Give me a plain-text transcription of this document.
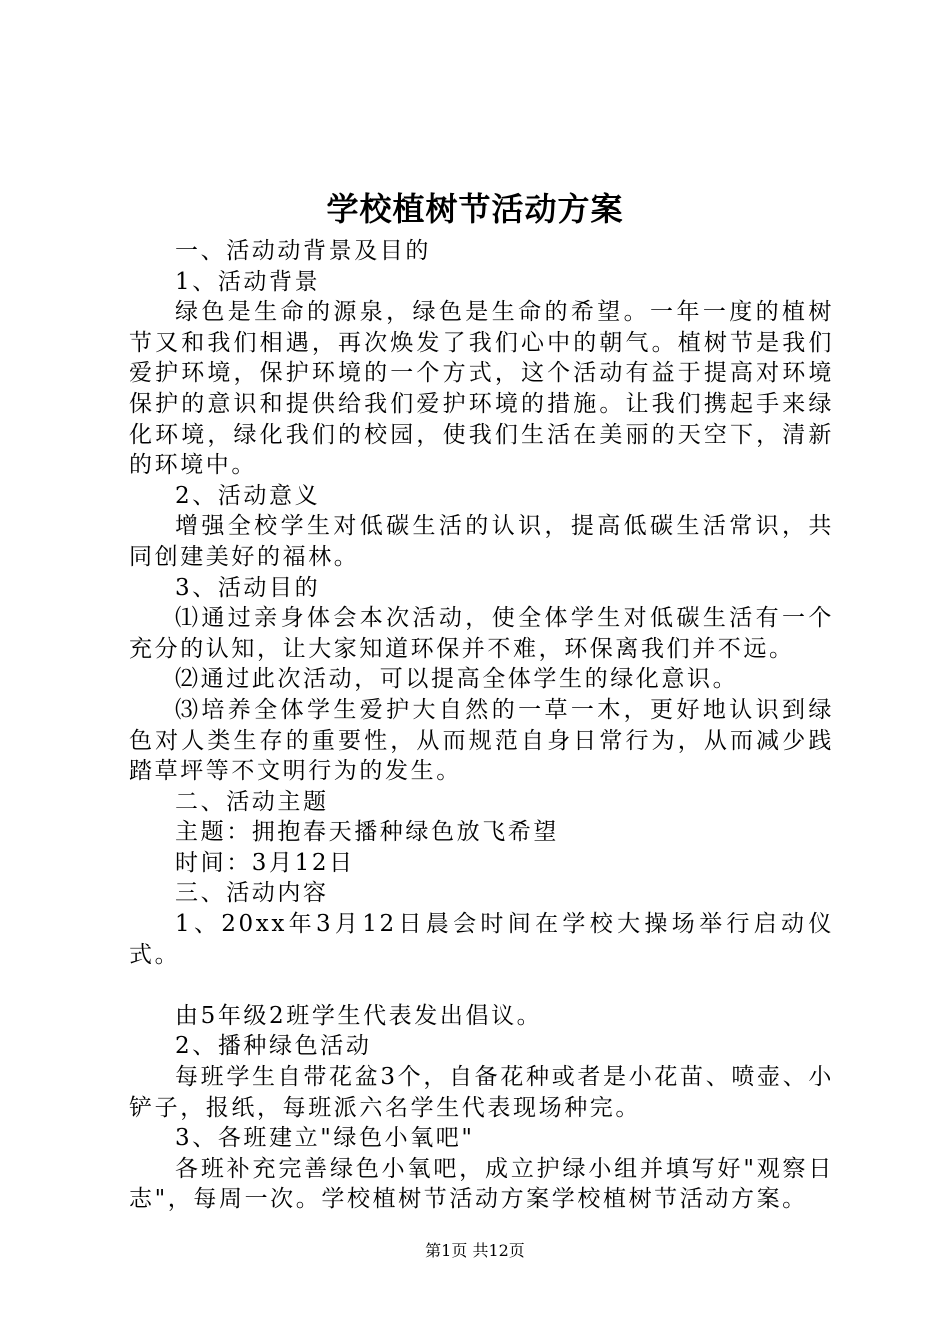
学校植树节活动方案

一、活动动背景及目的

1、活动背景

绿色是生命的源泉，绿色是生命的希望。一年一度的植树节又和我们相遇，再次焕发了我们心中的朝气。植树节是我们爱护环境，保护环境的一个方式，这个活动有益于提高对环境保护的意识和提供给我们爱护环境的措施。让我们携起手来绿化环境，绿化我们的校园，使我们生活在美丽的天空下，清新的环境中。

2、活动意义

增强全校学生对低碳生活的认识，提高低碳生活常识，共同创建美好的福林。

3、活动目的

⑴通过亲身体会本次活动，使全体学生对低碳生活有一个充分的认知，让大家知道环保并不难，环保离我们并不远。

⑵通过此次活动，可以提高全体学生的绿化意识。

⑶培养全体学生爱护大自然的一草一木，更好地认识到绿色对人类生存的重要性，从而规范自身日常行为，从而减少践踏草坪等不文明行为的发生。

二、活动主题

主题：拥抱春天播种绿色放飞希望

时间：3月12日

三、活动内容

1、20xx年3月12日晨会时间在学校大操场举行启动仪式。

由5年级2班学生代表发出倡议。

2、播种绿色活动

每班学生自带花盆3个，自备花种或者是小花苗、喷壶、小铲子，报纸，每班派六名学生代表现场种完。

3、各班建立"绿色小氧吧"

各班补充完善绿色小氧吧，成立护绿小组并填写好"观察日志"，每周一次。学校植树节活动方案学校植树节活动方案。

第1页 共12页
